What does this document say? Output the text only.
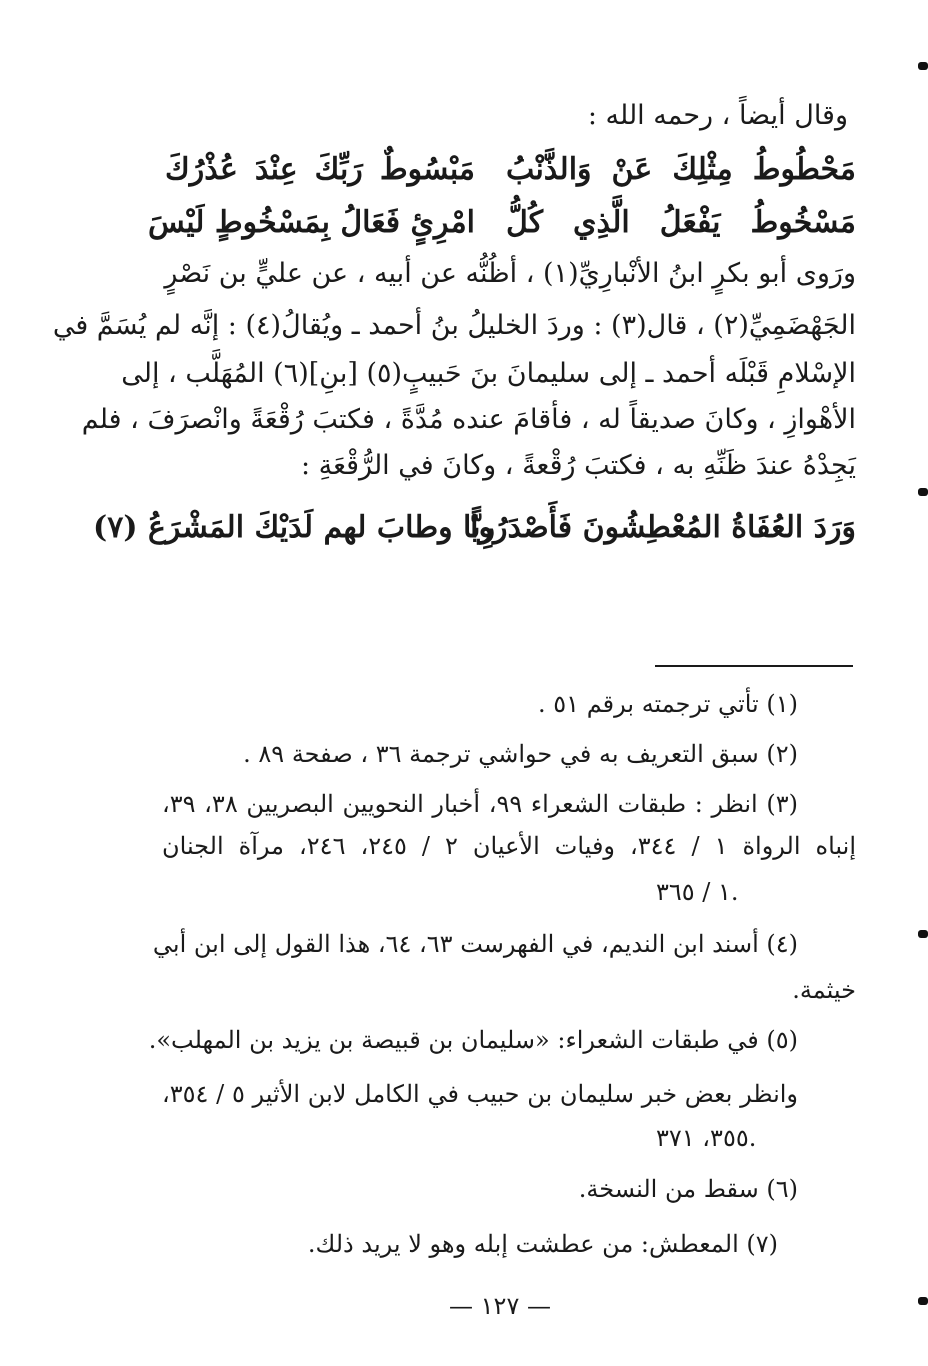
وقال أيضاً ، رحمه الله :
مَحْطُوطُ مِثْلِكَ عَنْ وَالذَّنْبُ
مَبْسُوطٌ رَبِّكَ عِنْدَ عُذْرُكَ
مَسْخُوطُ يَفْعَلُ الَّذِي كُلُّ
امْرِئٍ فَعَالُ بِمَسْخُوطٍ لَيْسَ
ورَوى أبو بكرٍ ابنُ الأنْبارِيِّ(١) ، أظُنُّه عن أبيه ، عن عليٍّ بن نَصْرٍ
الجَهْضَمِيِّ(٢) ، قال(٣) : وردَ الخليلُ بنُ أحمد ـ ويُقالُ(٤) : إنَّه لم يُسَمَّ في
الإسْلامِ قَبْلَه أحمد ـ إلى سليمانَ بنَ حَبيبٍ(٥) [بنِ](٦) المُهَلَّب ، إلى
الأهْوازِ ، وكانَ صديقاً له ، فأقامَ عنده مُدَّةً ، فكتبَ رُقْعَةً وانْصرَفَ ، فلم
يَجِدْهُ عندَ ظَنِّهِ به ، فكتبَ رُقْعةً ، وكانَ في الرُّقْعَةِ :
وَرَدَ العُفَاةُ المُعْطِشُونَ فَأَصْدَرُوا
رِيًّا وطابَ لهم لَدَيْكَ المَشْرَعُ (٧)
(١) تأتي ترجمته برقم ٥١ .
(٢) سبق التعريف به في حواشي ترجمة ٣٦ ، صفحة ٨٩ .
(٣) انظر : طبقات الشعراء ٩٩، أخبار النحويين البصريين ٣٨، ٣٩،
إنباه الرواة ١ / ٣٤٤، وفيات الأعيان ٢ / ٢٤٥، ٢٤٦، مرآة الجنان
١ / ٣٦٥.
(٤) أسند ابن النديم، في الفهرست ٦٣، ٦٤، هذا القول إلى ابن أبي
خيثمة.
(٥) في طبقات الشعراء: «سليمان بن قبيصة بن يزيد بن المهلب».
وانظر بعض خبر سليمان بن حبيب في الكامل لابن الأثير ٥ / ٣٥٤،
٣٥٥، ٣٧١.
(٦) سقط من النسخة.
(٧) المعطش: من عطشت إبله وهو لا يريد ذلك.
— ١٢٧ —
